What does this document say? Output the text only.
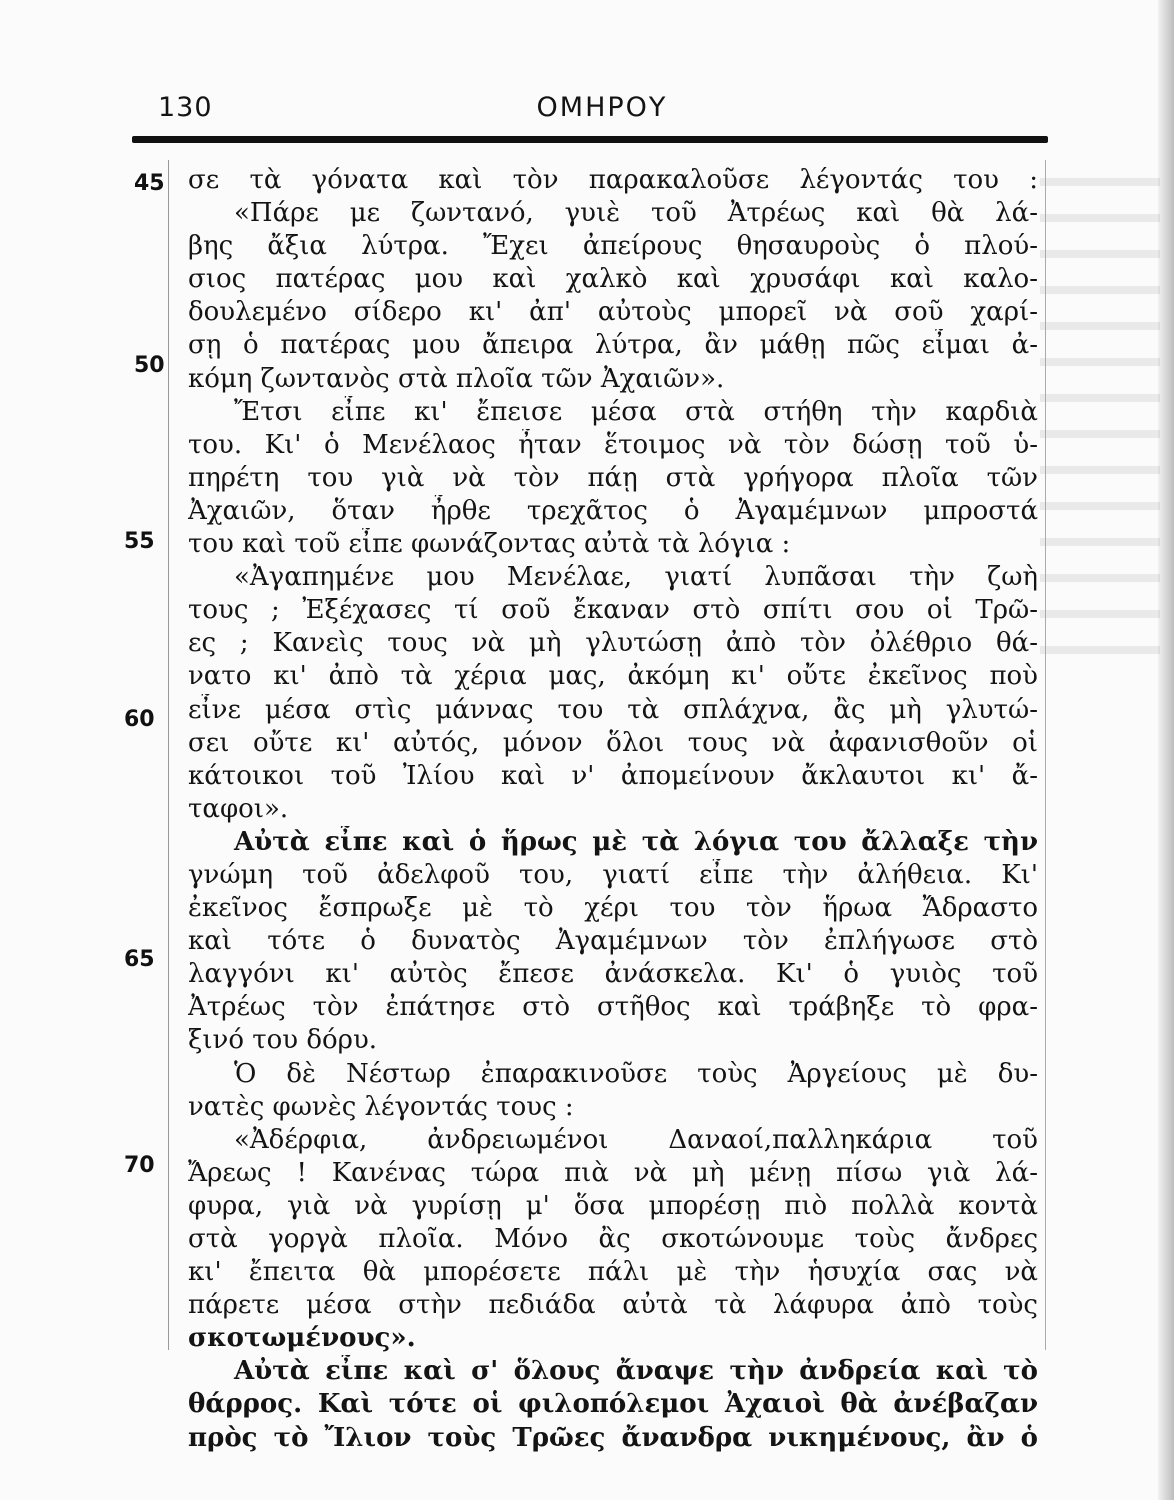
130	ΟΜΗΡΟΥ
45
50
55
60
65
70
σε τὰ γόνατα καὶ τὸν παρακαλοῦσε λέγοντάς του :
«Πάρε με ζωντανό, γυιὲ τοῦ Ἀτρέως καὶ θὰ λά-
βης ἄξια λύτρα. Ἔχει ἀπείρους θησαυροὺς ὁ πλού-
σιος πατέρας μου καὶ χαλκὸ καὶ χρυσάφι καὶ καλο-
δουλεμένο σίδερο κι' ἀπ' αὐτοὺς μπορεῖ νὰ σοῦ χαρί-
σῃ ὁ πατέρας μου ἄπειρα λύτρα, ἂν μάθῃ πῶς εἶμαι ἀ-
κόμη ζωντανὸς στὰ πλοῖα τῶν Ἀχαιῶν».
Ἔτσι εἶπε κι' ἔπεισε μέσα στὰ στήθη τὴν καρδιὰ
του. Κι' ὁ Μενέλαος ἦταν ἕτοιμος νὰ τὸν δώσῃ τοῦ ὑ-
πηρέτη του γιὰ νὰ τὸν πάῃ στὰ γρήγορα πλοῖα τῶν
Ἀχαιῶν, ὅταν ἦρθε τρεχᾶτος ὁ Ἀγαμέμνων μπροστά
του καὶ τοῦ εἶπε φωνάζοντας αὐτὰ τὰ λόγια :
«Ἀγαπημένε μου Μενέλαε, γιατί λυπᾶσαι τὴν ζωὴ
τους ; Ἐξέχασες τί σοῦ ἔκαναν στὸ σπίτι σου οἱ Τρῶ-
ες ; Κανεὶς τους νὰ μὴ γλυτώσῃ ἀπὸ τὸν ὀλέθριο θά-
νατο κι' ἀπὸ τὰ χέρια μας, ἀκόμη κι' οὔτε ἐκεῖνος ποὺ
εἶνε μέσα στὶς μάννας του τὰ σπλάχνα, ἂς μὴ γλυτώ-
σει οὔτε κι' αὐτός, μόνον ὅλοι τους νὰ ἀφανισθοῦν οἱ
κάτοικοι τοῦ Ἰλίου καὶ ν' ἀπομείνουν ἄκλαυτοι κι' ἄ-
ταφοι».
Αὐτὰ εἶπε καὶ ὁ ἥρως μὲ τὰ λόγια του ἄλλαξε τὴν
γνώμη τοῦ ἀδελφοῦ του, γιατί εἶπε τὴν ἀλήθεια. Κι'
ἐκεῖνος ἔσπρωξε μὲ τὸ χέρι του τὸν ἥρωα Ἄδραστο
καὶ τότε ὁ δυνατὸς Ἀγαμέμνων τὸν ἐπλήγωσε στὸ
λαγγόνι κι' αὐτὸς ἔπεσε ἀνάσκελα. Κι' ὁ γυιὸς τοῦ
Ἀτρέως τὸν ἐπάτησε στὸ στῆθος καὶ τράβηξε τὸ φρα-
ξινό του δόρυ.
Ὁ δὲ Νέστωρ ἐπαρακινοῦσε τοὺς Ἀργείους μὲ δυ-
νατὲς φωνὲς λέγοντάς τους :
«Ἀδέρφια, ἀνδρειωμένοι Δαναοί,παλληκάρια τοῦ
Ἄρεως ! Κανένας τώρα πιὰ νὰ μὴ μένῃ πίσω γιὰ λά-
φυρα, γιὰ νὰ γυρίσῃ μ' ὅσα μπορέσῃ πιὸ πολλὰ κοντὰ
στὰ γοργὰ πλοῖα. Μόνο ἂς σκοτώνουμε τοὺς ἄνδρες
κι' ἔπειτα θὰ μπορέσετε πάλι μὲ τὴν ἡσυχία σας νὰ
πάρετε μέσα στὴν πεδιάδα αὐτὰ τὰ λάφυρα ἀπὸ τοὺς
σκοτωμένους».
Αὐτὰ εἶπε καὶ σ' ὅλους ἄναψε τὴν ἀνδρεία καὶ τὸ
θάρρος. Καὶ τότε οἱ φιλοπόλεμοι Ἀχαιοὶ θὰ ἀνέβαζαν
πρὸς τὸ Ἴλιον τοὺς Τρῶες ἄνανδρα νικημένους, ἂν ὁ
